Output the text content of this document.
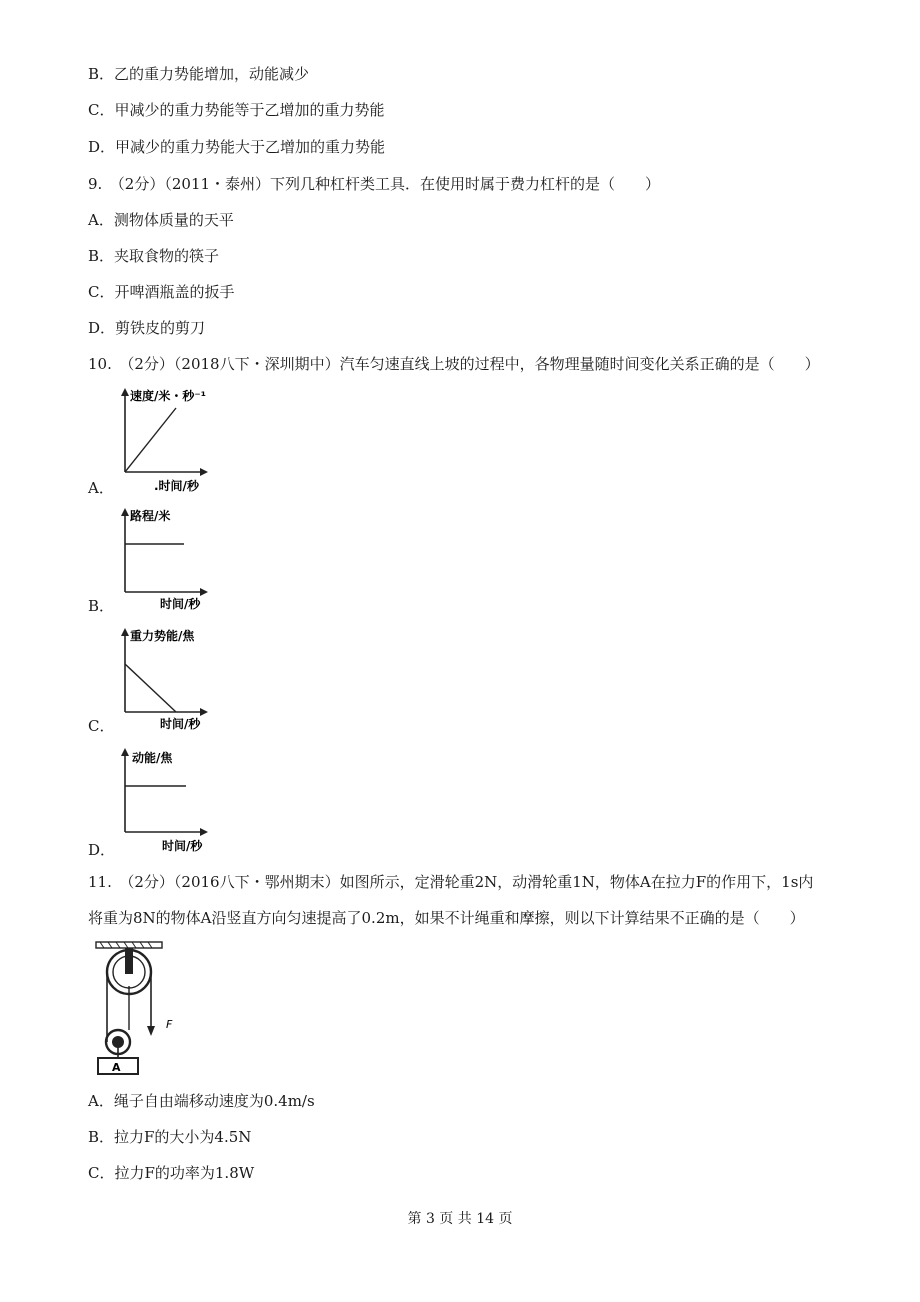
B．乙的重力势能增加，动能减少
C．甲减少的重力势能等于乙增加的重力势能
D．甲减少的重力势能大于乙增加的重力势能
9.　（2分）（2011・泰州）下列几种杠杆类工具．在使用时属于费力杠杆的是（　　）
A．测物体质量的天平
B．夹取食物的筷子
C．开啤酒瓶盖的扳手
D．剪铁皮的剪刀
10.　（2分）（2018八下・深圳期中）汽车匀速直线上坡的过程中，各物理量随时间变化关系正确的是（　　）
A．
速度/米・秒⁻¹
.时间/秒
B．
路程/米
时间/秒
C．
重力势能/焦
时间/秒
D．
动能/焦
时间/秒
11.　（2分）（2016八下・鄂州期末）如图所示，定滑轮重2N，动滑轮重1N，物体A在拉力F的作用下，1s内
将重为8N的物体A沿竖直方向匀速提高了0.2m，如果不计绳重和摩擦，则以下计算结果不正确的是（　　）
F
A
A．绳子自由端移动速度为0.4m/s
B．拉力F的大小为4.5N
C．拉力F的功率为1.8W
第 3 页 共 14 页
